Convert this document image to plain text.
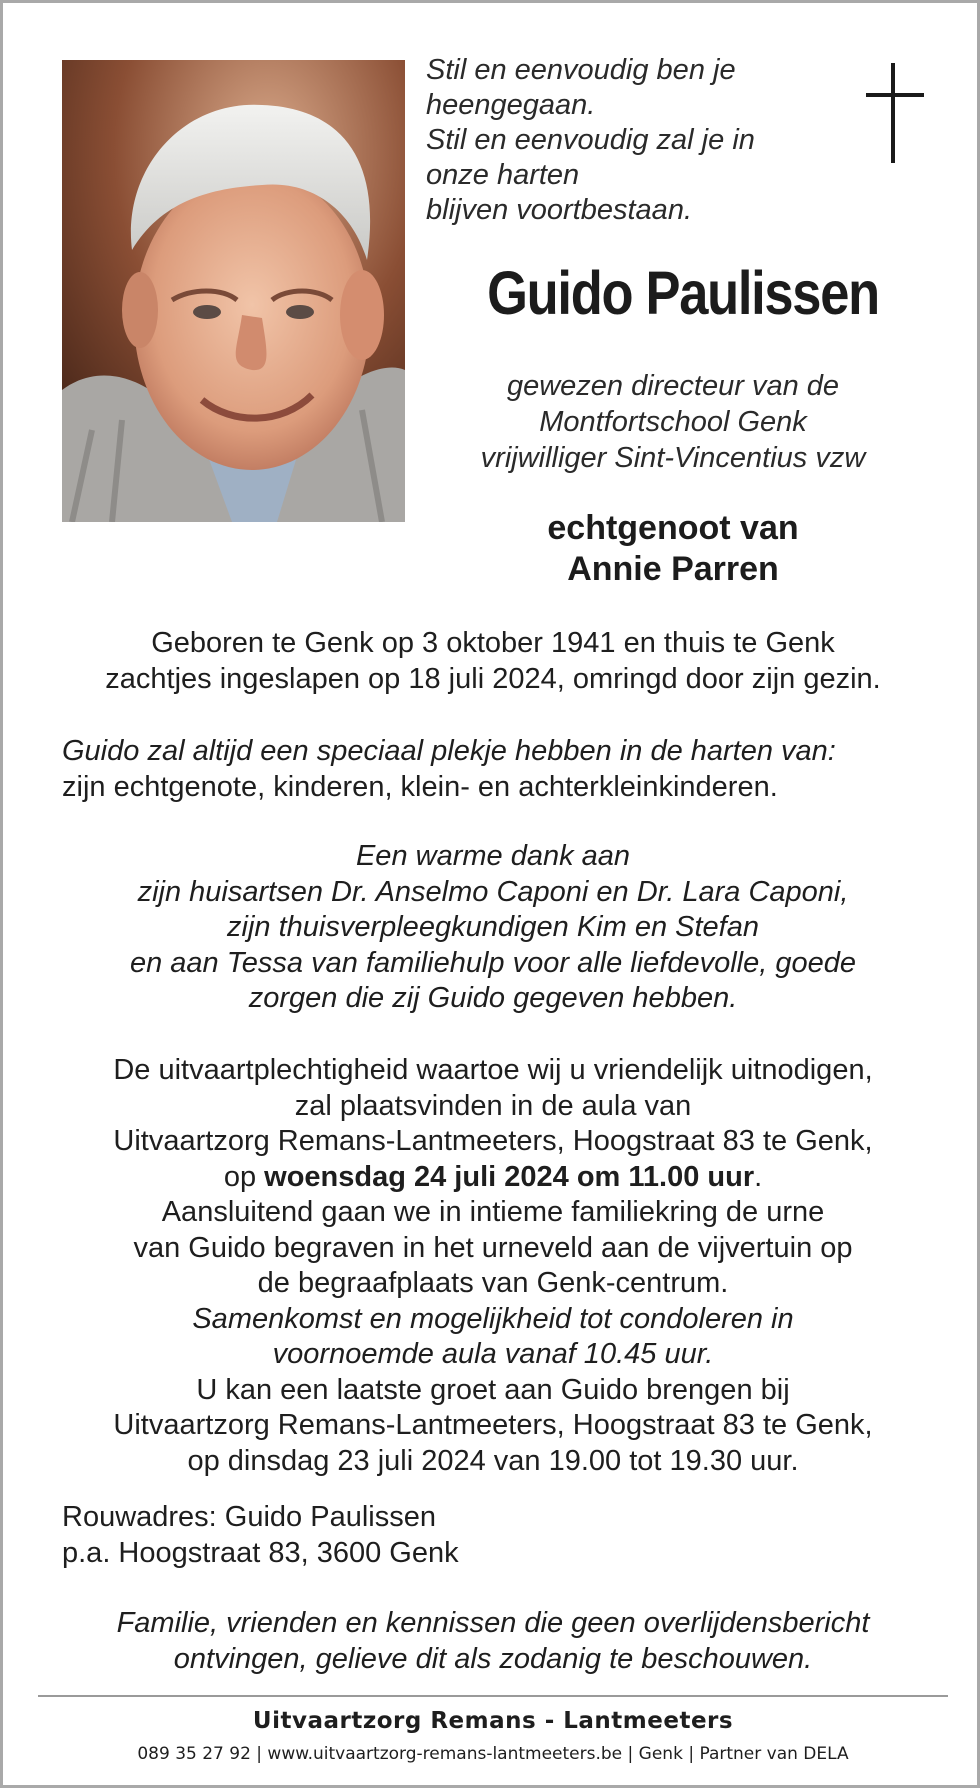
Stil en eenvoudig ben je
heengegaan.
Stil en eenvoudig zal je in
onze harten
blijven voortbestaan.
Guido Paulissen
gewezen directeur van de
Montfortschool Genk
vrijwilliger Sint-Vincentius vzw
echtgenoot van
Annie Parren
Geboren te Genk op 3 oktober 1941 en thuis te Genk
zachtjes ingeslapen op 18 juli 2024, omringd door zijn gezin.
Guido zal altijd een speciaal plekje hebben in de harten van:
zijn echtgenote, kinderen, klein- en achterkleinkinderen.
Een warme dank aan
zijn huisartsen Dr. Anselmo Caponi en Dr. Lara Caponi,
zijn thuisverpleegkundigen Kim en Stefan
en aan Tessa van familiehulp voor alle liefdevolle, goede
zorgen die zij Guido gegeven hebben.
De uitvaartplechtigheid waartoe wij u vriendelijk uitnodigen,
zal plaatsvinden in de aula van
Uitvaartzorg Remans-Lantmeeters, Hoogstraat 83 te Genk,
op woensdag 24 juli 2024 om 11.00 uur.
Aansluitend gaan we in intieme familiekring de urne
van Guido begraven in het urneveld aan de vijvertuin op
de begraafplaats van Genk-centrum.
Samenkomst en mogelijkheid tot condoleren in
voornoemde aula vanaf 10.45 uur.
U kan een laatste groet aan Guido brengen bij
Uitvaartzorg Remans-Lantmeeters, Hoogstraat 83 te Genk,
op dinsdag 23 juli 2024 van 19.00 tot 19.30 uur.
Rouwadres: Guido Paulissen
p.a. Hoogstraat 83, 3600 Genk
Familie, vrienden en kennissen die geen overlijdensbericht
ontvingen, gelieve dit als zodanig te beschouwen.
Uitvaartzorg Remans - Lantmeeters
089 35 27 92 | www.uitvaartzorg-remans-lantmeeters.be | Genk | Partner van DELA
